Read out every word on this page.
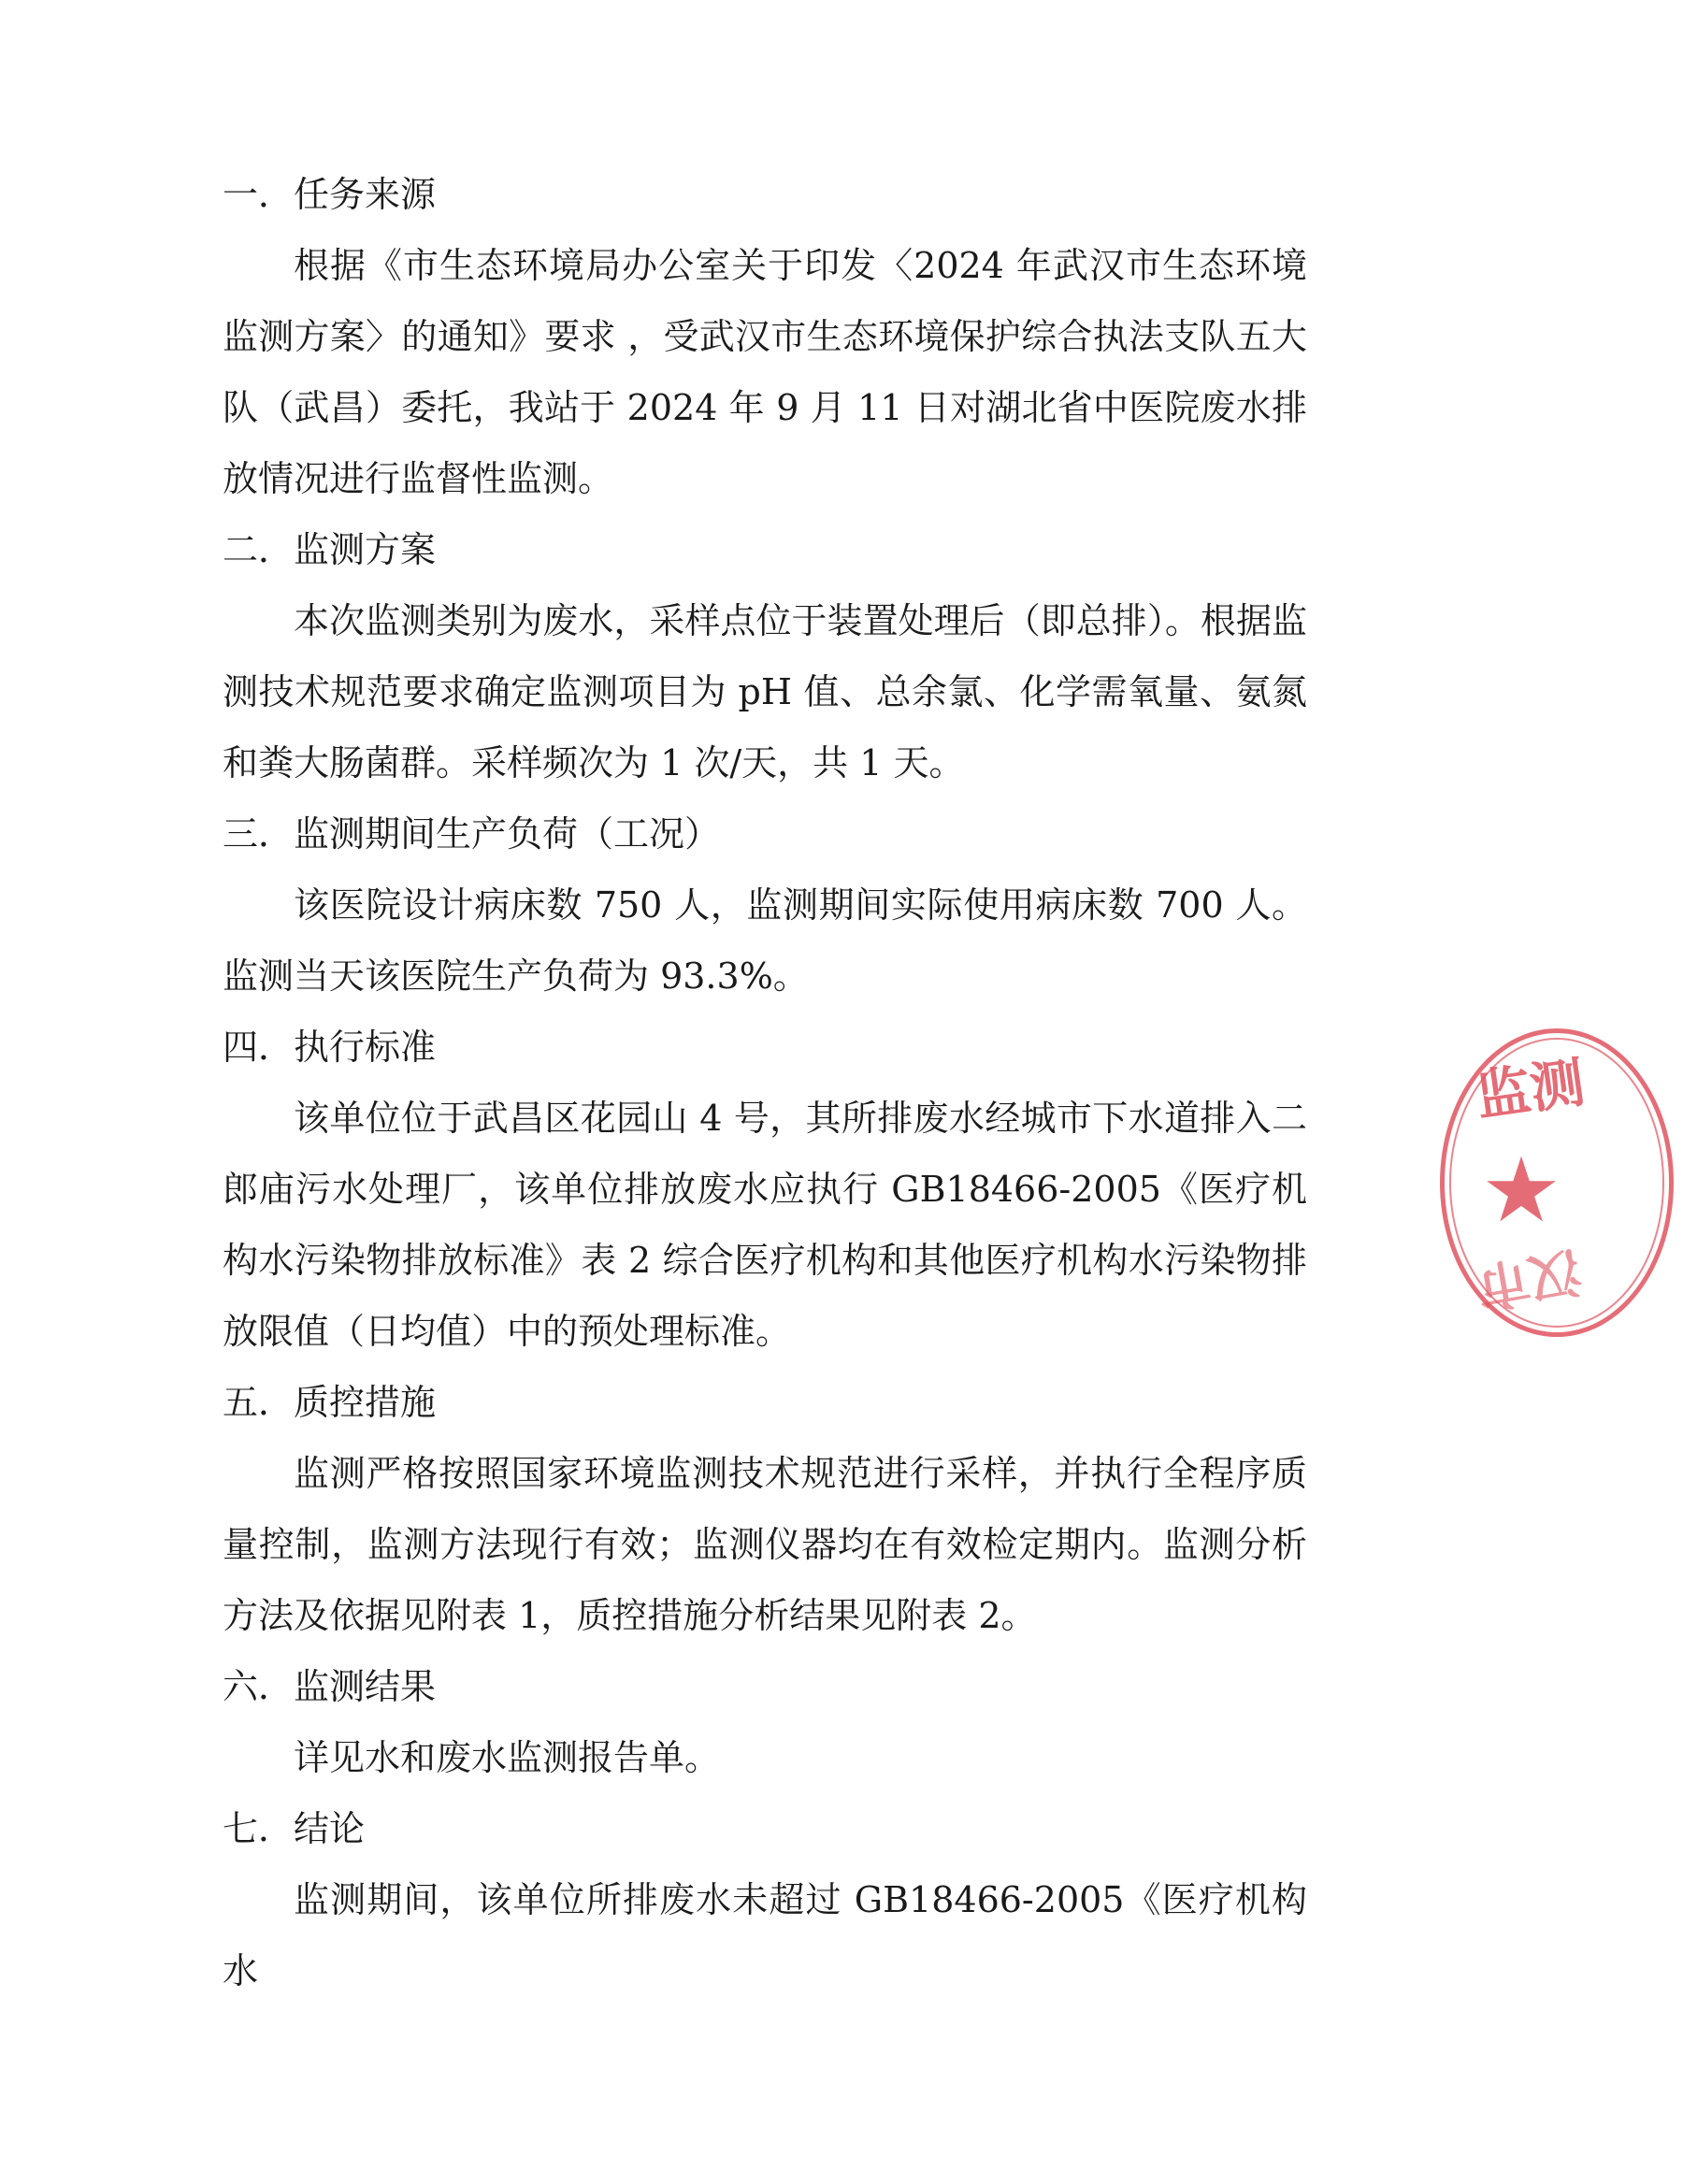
一．任务来源

根据《市生态环境局办公室关于印发〈2024 年武汉市生态环境监测方案〉的通知》要求 ，受武汉市生态环境保护综合执法支队五大队（武昌）委托，我站于 2024 年 9 月 11 日对湖北省中医院废水排放情况进行监督性监测。

二．监测方案

本次监测类别为废水，采样点位于装置处理后（即总排）。根据监测技术规范要求确定监测项目为 pH 值、总余氯、化学需氧量、氨氮和粪大肠菌群。采样频次为 1 次/天，共 1 天。

三．监测期间生产负荷（工况）

该医院设计病床数 750 人，监测期间实际使用病床数 700 人。监测当天该医院生产负荷为 93.3%。

四．执行标准

该单位位于武昌区花园山 4 号，其所排废水经城市下水道排入二郎庙污水处理厂，该单位排放废水应执行 GB18466-2005《医疗机构水污染物排放标准》表 2 综合医疗机构和其他医疗机构水污染物排放限值（日均值）中的预处理标准。

五．质控措施

监测严格按照国家环境监测技术规范进行采样，并执行全程序质量控制，监测方法现行有效；监测仪器均在有效检定期内。监测分析方法及依据见附表 1，质控措施分析结果见附表 2。

六．监测结果

详见水和废水监测报告单。

七．结论

监测期间，该单位所排废水未超过 GB18466-2005《医疗机构水

监测
★
汉市
